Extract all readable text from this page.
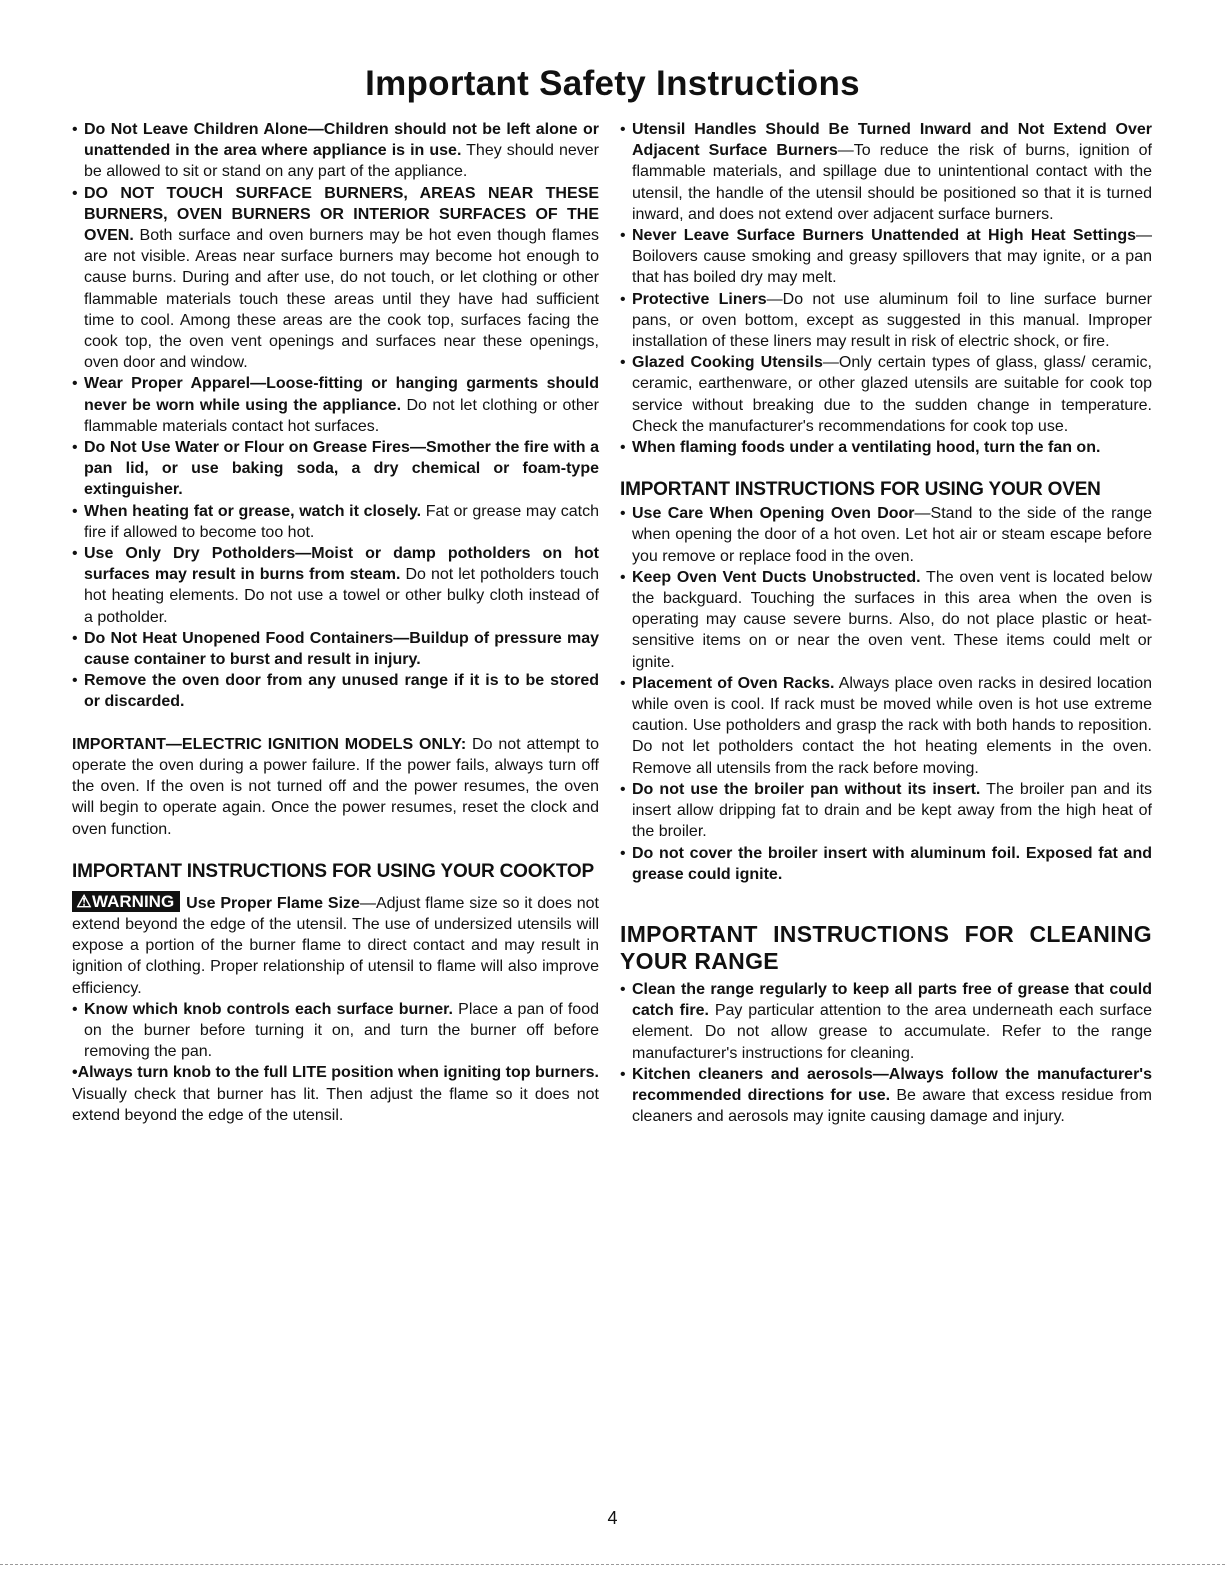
Important Safety Instructions
• Do Not Leave Children Alone—Children should not be left alone or unattended in the area where appliance is in use. They should never be allowed to sit or stand on any part of the appliance.
• DO NOT TOUCH SURFACE BURNERS, AREAS NEAR THESE BURNERS, OVEN BURNERS OR INTERIOR SURFACES OF THE OVEN. Both surface and oven burners may be hot even though flames are not visible. Areas near surface burners may become hot enough to cause burns. During and after use, do not touch, or let clothing or other flammable materials touch these areas until they have had sufficient time to cool. Among these areas are the cook top, surfaces facing the cook top, the oven vent openings and surfaces near these openings, oven door and window.
• Wear Proper Apparel—Loose-fitting or hanging garments should never be worn while using the appliance. Do not let clothing or other flammable materials contact hot surfaces.
• Do Not Use Water or Flour on Grease Fires—Smother the fire with a pan lid, or use baking soda, a dry chemical or foam-type extinguisher.
• When heating fat or grease, watch it closely. Fat or grease may catch fire if allowed to become too hot.
• Use Only Dry Potholders—Moist or damp potholders on hot surfaces may result in burns from steam. Do not let potholders touch hot heating elements. Do not use a towel or other bulky cloth instead of a potholder.
• Do Not Heat Unopened Food Containers—Buildup of pressure may cause container to burst and result in injury.
• Remove the oven door from any unused range if it is to be stored or discarded.

IMPORTANT—ELECTRIC IGNITION MODELS ONLY: Do not attempt to operate the oven during a power failure. If the power fails, always turn off the oven. If the oven is not turned off and the power resumes, the oven will begin to operate again. Once the power resumes, reset the clock and oven function.

IMPORTANT INSTRUCTIONS FOR USING YOUR COOKTOP

⚠WARNING Use Proper Flame Size—Adjust flame size so it does not extend beyond the edge of the utensil. The use of undersized utensils will expose a portion of the burner flame to direct contact and may result in ignition of clothing. Proper relationship of utensil to flame will also improve efficiency.

• Know which knob controls each surface burner. Place a pan of food on the burner before turning it on, and turn the burner off before removing the pan.
•Always turn knob to the full LITE position when igniting top burners. Visually check that burner has lit. Then adjust the flame so it does not extend beyond the edge of the utensil.
• Utensil Handles Should Be Turned Inward and Not Extend Over Adjacent Surface Burners—To reduce the risk of burns, ignition of flammable materials, and spillage due to unintentional contact with the utensil, the handle of the utensil should be positioned so that it is turned inward, and does not extend over adjacent surface burners.
• Never Leave Surface Burners Unattended at High Heat Settings—Boilovers cause smoking and greasy spillovers that may ignite, or a pan that has boiled dry may melt.
• Protective Liners—Do not use aluminum foil to line surface burner pans, or oven bottom, except as suggested in this manual. Improper installation of these liners may result in risk of electric shock, or fire.
• Glazed Cooking Utensils—Only certain types of glass, glass/ ceramic, ceramic, earthenware, or other glazed utensils are suitable for cook top service without breaking due to the sudden change in temperature. Check the manufacturer's recommendations for cook top use.
• When flaming foods under a ventilating hood, turn the fan on.
IMPORTANT INSTRUCTIONS FOR USING YOUR OVEN
• Use Care When Opening Oven Door—Stand to the side of the range when opening the door of a hot oven. Let hot air or steam escape before you remove or replace food in the oven.
• Keep Oven Vent Ducts Unobstructed. The oven vent is located below the backguard. Touching the surfaces in this area when the oven is operating may cause severe burns. Also, do not place plastic or heat-sensitive items on or near the oven vent. These items could melt or ignite.
• Placement of Oven Racks. Always place oven racks in desired location while oven is cool. If rack must be moved while oven is hot use extreme caution. Use potholders and grasp the rack with both hands to reposition. Do not let potholders contact the hot heating elements in the oven. Remove all utensils from the rack before moving.
• Do not use the broiler pan without its insert. The broiler pan and its insert allow dripping fat to drain and be kept away from the high heat of the broiler.
• Do not cover the broiler insert with aluminum foil. Exposed fat and grease could ignite.
IMPORTANT INSTRUCTIONS FOR CLEANING YOUR RANGE
• Clean the range regularly to keep all parts free of grease that could catch fire. Pay particular attention to the area underneath each surface element. Do not allow grease to accumulate. Refer to the range manufacturer's instructions for cleaning.
• Kitchen cleaners and aerosols—Always follow the manufacturer's recommended directions for use. Be aware that excess residue from cleaners and aerosols may ignite causing damage and injury.
4
